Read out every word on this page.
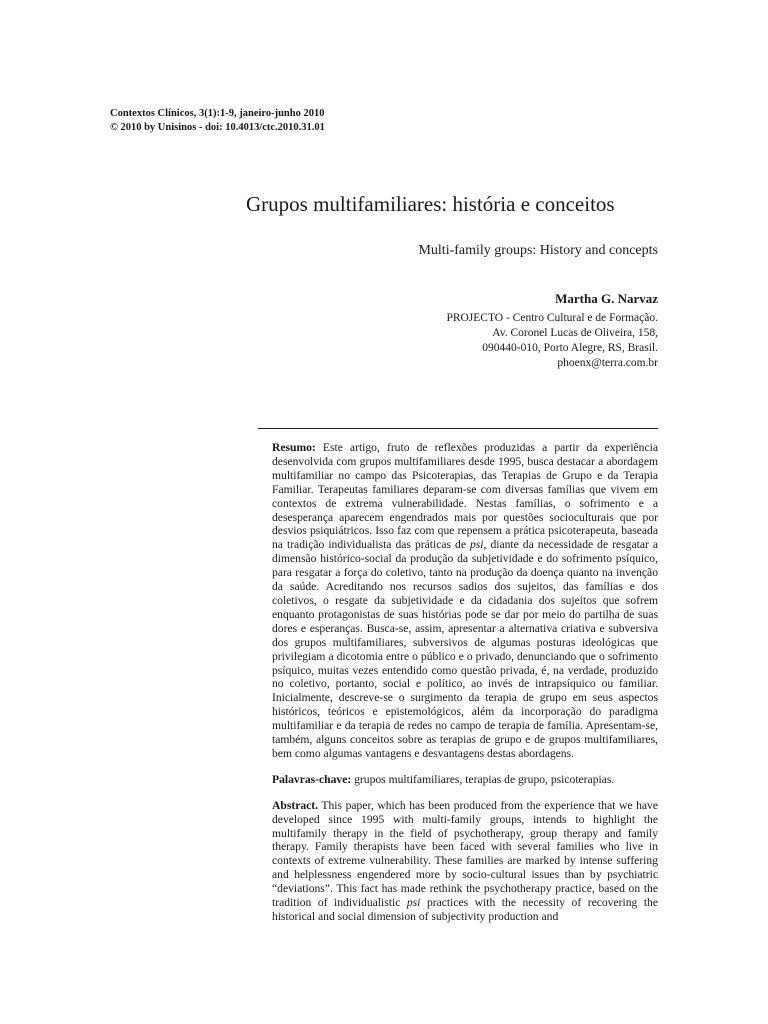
Contextos Clínicos, 3(1):1-9, janeiro-junho 2010
© 2010 by Unisinos - doi: 10.4013/ctc.2010.31.01
Grupos multifamiliares: história e conceitos
Multi-family groups: History and concepts
Martha G. Narvaz
PROJECTO - Centro Cultural e de Formação.
Av. Coronel Lucas de Oliveira, 158,
090440-010, Porto Alegre, RS, Brasil.
phoenx@terra.com.br

Resumo: Este artigo, fruto de reflexões produzidas a partir da experiência desenvolvida com grupos multifamiliares desde 1995, busca destacar a abordagem multifamiliar no campo das Psicoterapias, das Terapias de Grupo e da Terapia Familiar. Terapeutas familiares deparam-se com diversas famílias que vivem em contextos de extrema vulnerabilidade. Nestas famílias, o sofrimento e a desesperança aparecem engendrados mais por questões socioculturais que por desvios psiquiátricos. Isso faz com que repensem a prática psicoterapeuta, baseada na tradição individualista das práticas de psi, diante da necessidade de resgatar a dimensão histórico-social da produção da subjetividade e do sofrimento psíquico, para resgatar a força do coletivo, tanto na produção da doença quanto na invenção da saúde. Acreditando nos recursos sadios dos sujeitos, das famílias e dos coletivos, o resgate da subjetividade e da cidadania dos sujeitos que sofrem enquanto protagonistas de suas histórias pode se dar por meio do partilha de suas dores e esperanças. Busca-se, assim, apresentar a alternativa criativa e subversiva dos grupos multifamiliares, subversivos de algumas posturas ideológicas que privilegiam a dicotomia entre o público e o privado, denunciando que o sofrimento psíquico, muitas vezes entendido como questão privada, é, na verdade, produzido no coletivo, portanto, social e político, ao invés de intrapsíquico ou familiar. Inicialmente, descreve-se o surgimento da terapia de grupo em seus aspectos históricos, teóricos e epistemológicos, além da incorporação do paradigma multifamiliar e da terapia de redes no campo de terapia de família. Apresentam-se, também, alguns conceitos sobre as terapias de grupo e de grupos multifamiliares, bem como algumas vantagens e desvantagens destas abordagens.

Palavras-chave: grupos multifamiliares, terapias de grupo, psicoterapias.

Abstract. This paper, which has been produced from the experience that we have developed since 1995 with multi-family groups, intends to highlight the multifamily therapy in the field of psychotherapy, group therapy and family therapy. Family therapists have been faced with several families who live in contexts of extreme vulnerability. These families are marked by intense suffering and helplessness engendered more by socio-cultural issues than by psychiatric “deviations”. This fact has made rethink the psychotherapy practice, based on the tradition of individualistic psi practices with the necessity of recovering the historical and social dimension of subjectivity production and
